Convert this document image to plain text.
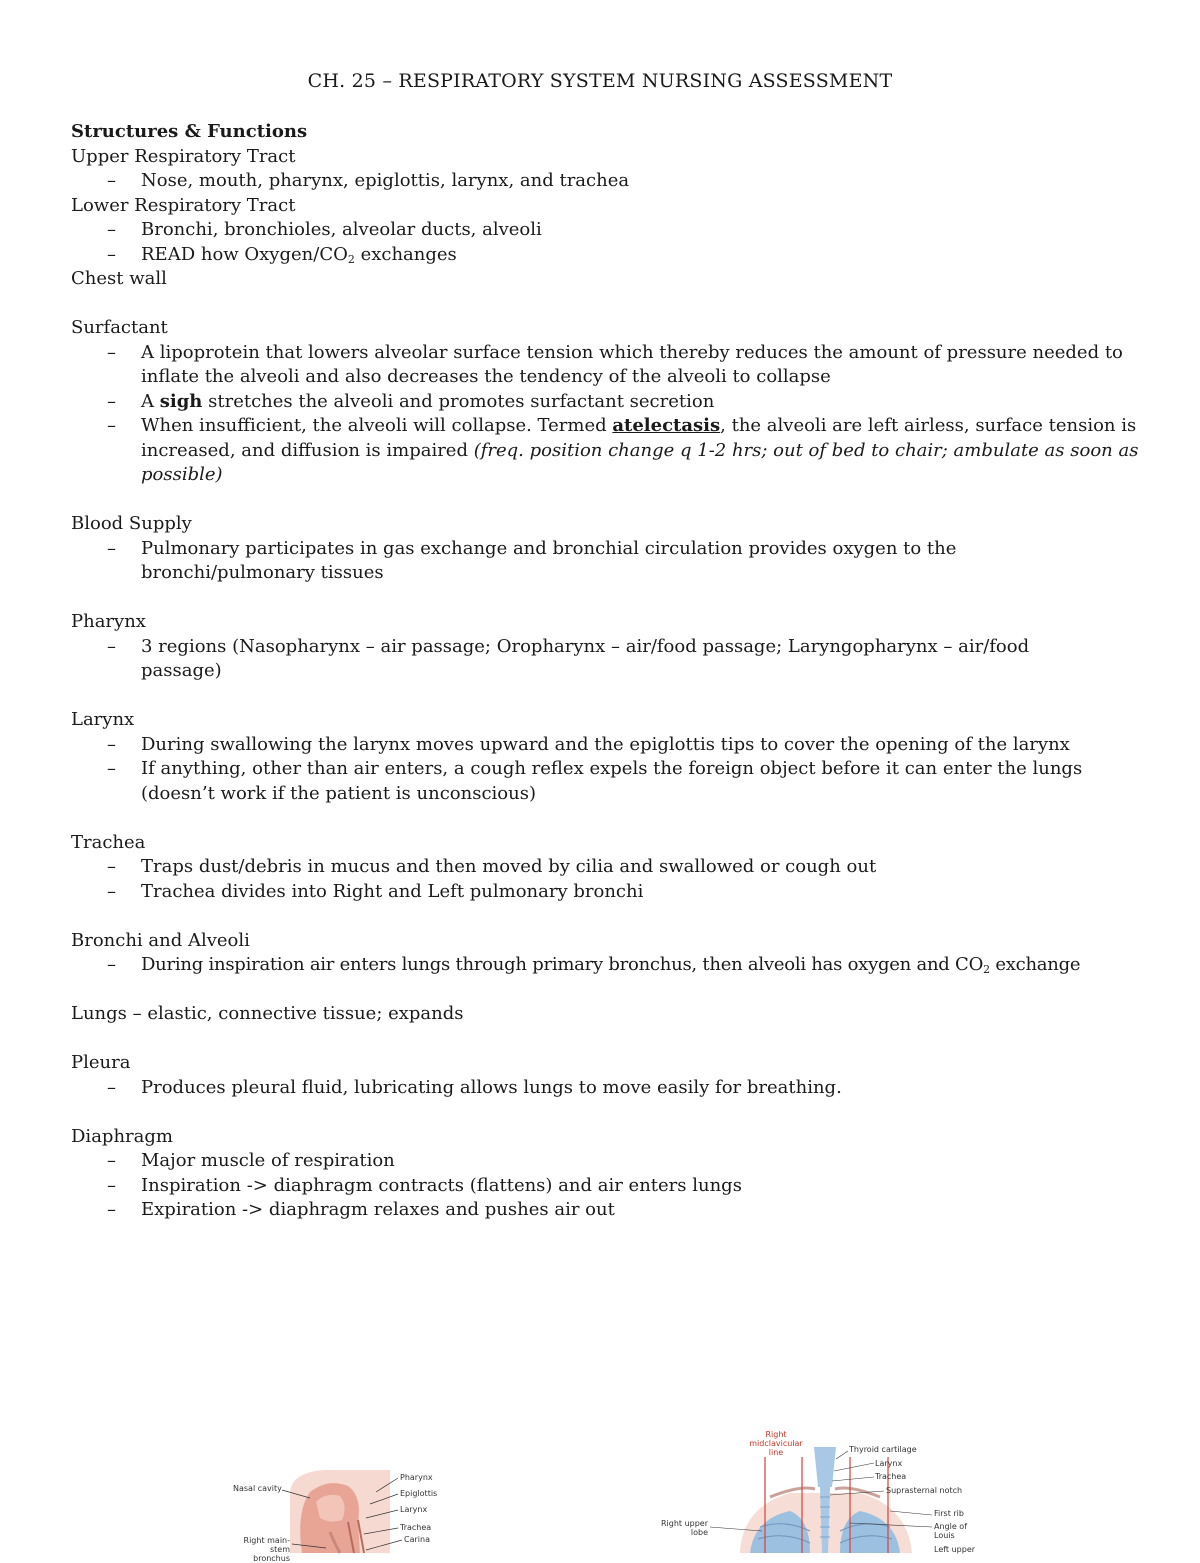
CH. 25 – RESPIRATORY SYSTEM NURSING ASSESSMENT
Structures & Functions
Upper Respiratory Tract
– Nose, mouth, pharynx, epiglottis, larynx, and trachea
Lower Respiratory Tract
– Bronchi, bronchioles, alveolar ducts, alveoli
– READ how Oxygen/$CO_2$ exchanges
Chest wall
Surfactant
– A lipoprotein that lowers alveolar surface tension which thereby reduces the amount of pressure needed to inflate the alveoli and also decreases the tendency of the alveoli to collapse
– A sigh stretches the alveoli and promotes surfactant secretion
– When insufficient, the alveoli will collapse. Termed atelectasis, the alveoli are left airless, surface tension is increased, and diffusion is impaired (freq. position change q 1-2 hrs; out of bed to chair; ambulate as soon as possible)
Blood Supply
– Pulmonary participates in gas exchange and bronchial circulation provides oxygen to the bronchi/pulmonary tissues
Pharynx
– 3 regions (Nasopharynx – air passage; Oropharynx – air/food passage; Laryngopharynx – air/food passage)
Larynx
– During swallowing the larynx moves upward and the epiglottis tips to cover the opening of the larynx
– If anything, other than air enters, a cough reflex expels the foreign object before it can enter the lungs (doesn’t work if the patient is unconscious)
Trachea
– Traps dust/debris in mucus and then moved by cilia and swallowed or cough out
– Trachea divides into Right and Left pulmonary bronchi
Bronchi and Alveoli
– During inspiration air enters lungs through primary bronchus, then alveoli has oxygen and $CO_2$ exchange
Lungs – elastic, connective tissue; expands
Pleura
– Produces pleural fluid, lubricating allows lungs to move easily for breathing.
Diaphragm
– Major muscle of respiration
– Inspiration -> diaphragm contracts (flattens) and air enters lungs
– Expiration -> diaphragm relaxes and pushes air out
Nasal cavity
Right main-stem bronchus
Pharynx
Epiglottis
Larynx
Trachea
Carina
Right midclavicular line	Thyroid cartilage
Larynx
Trachea
Suprasternal notch
First rib
Angle of Louis
Left upper
Right upper lobe
